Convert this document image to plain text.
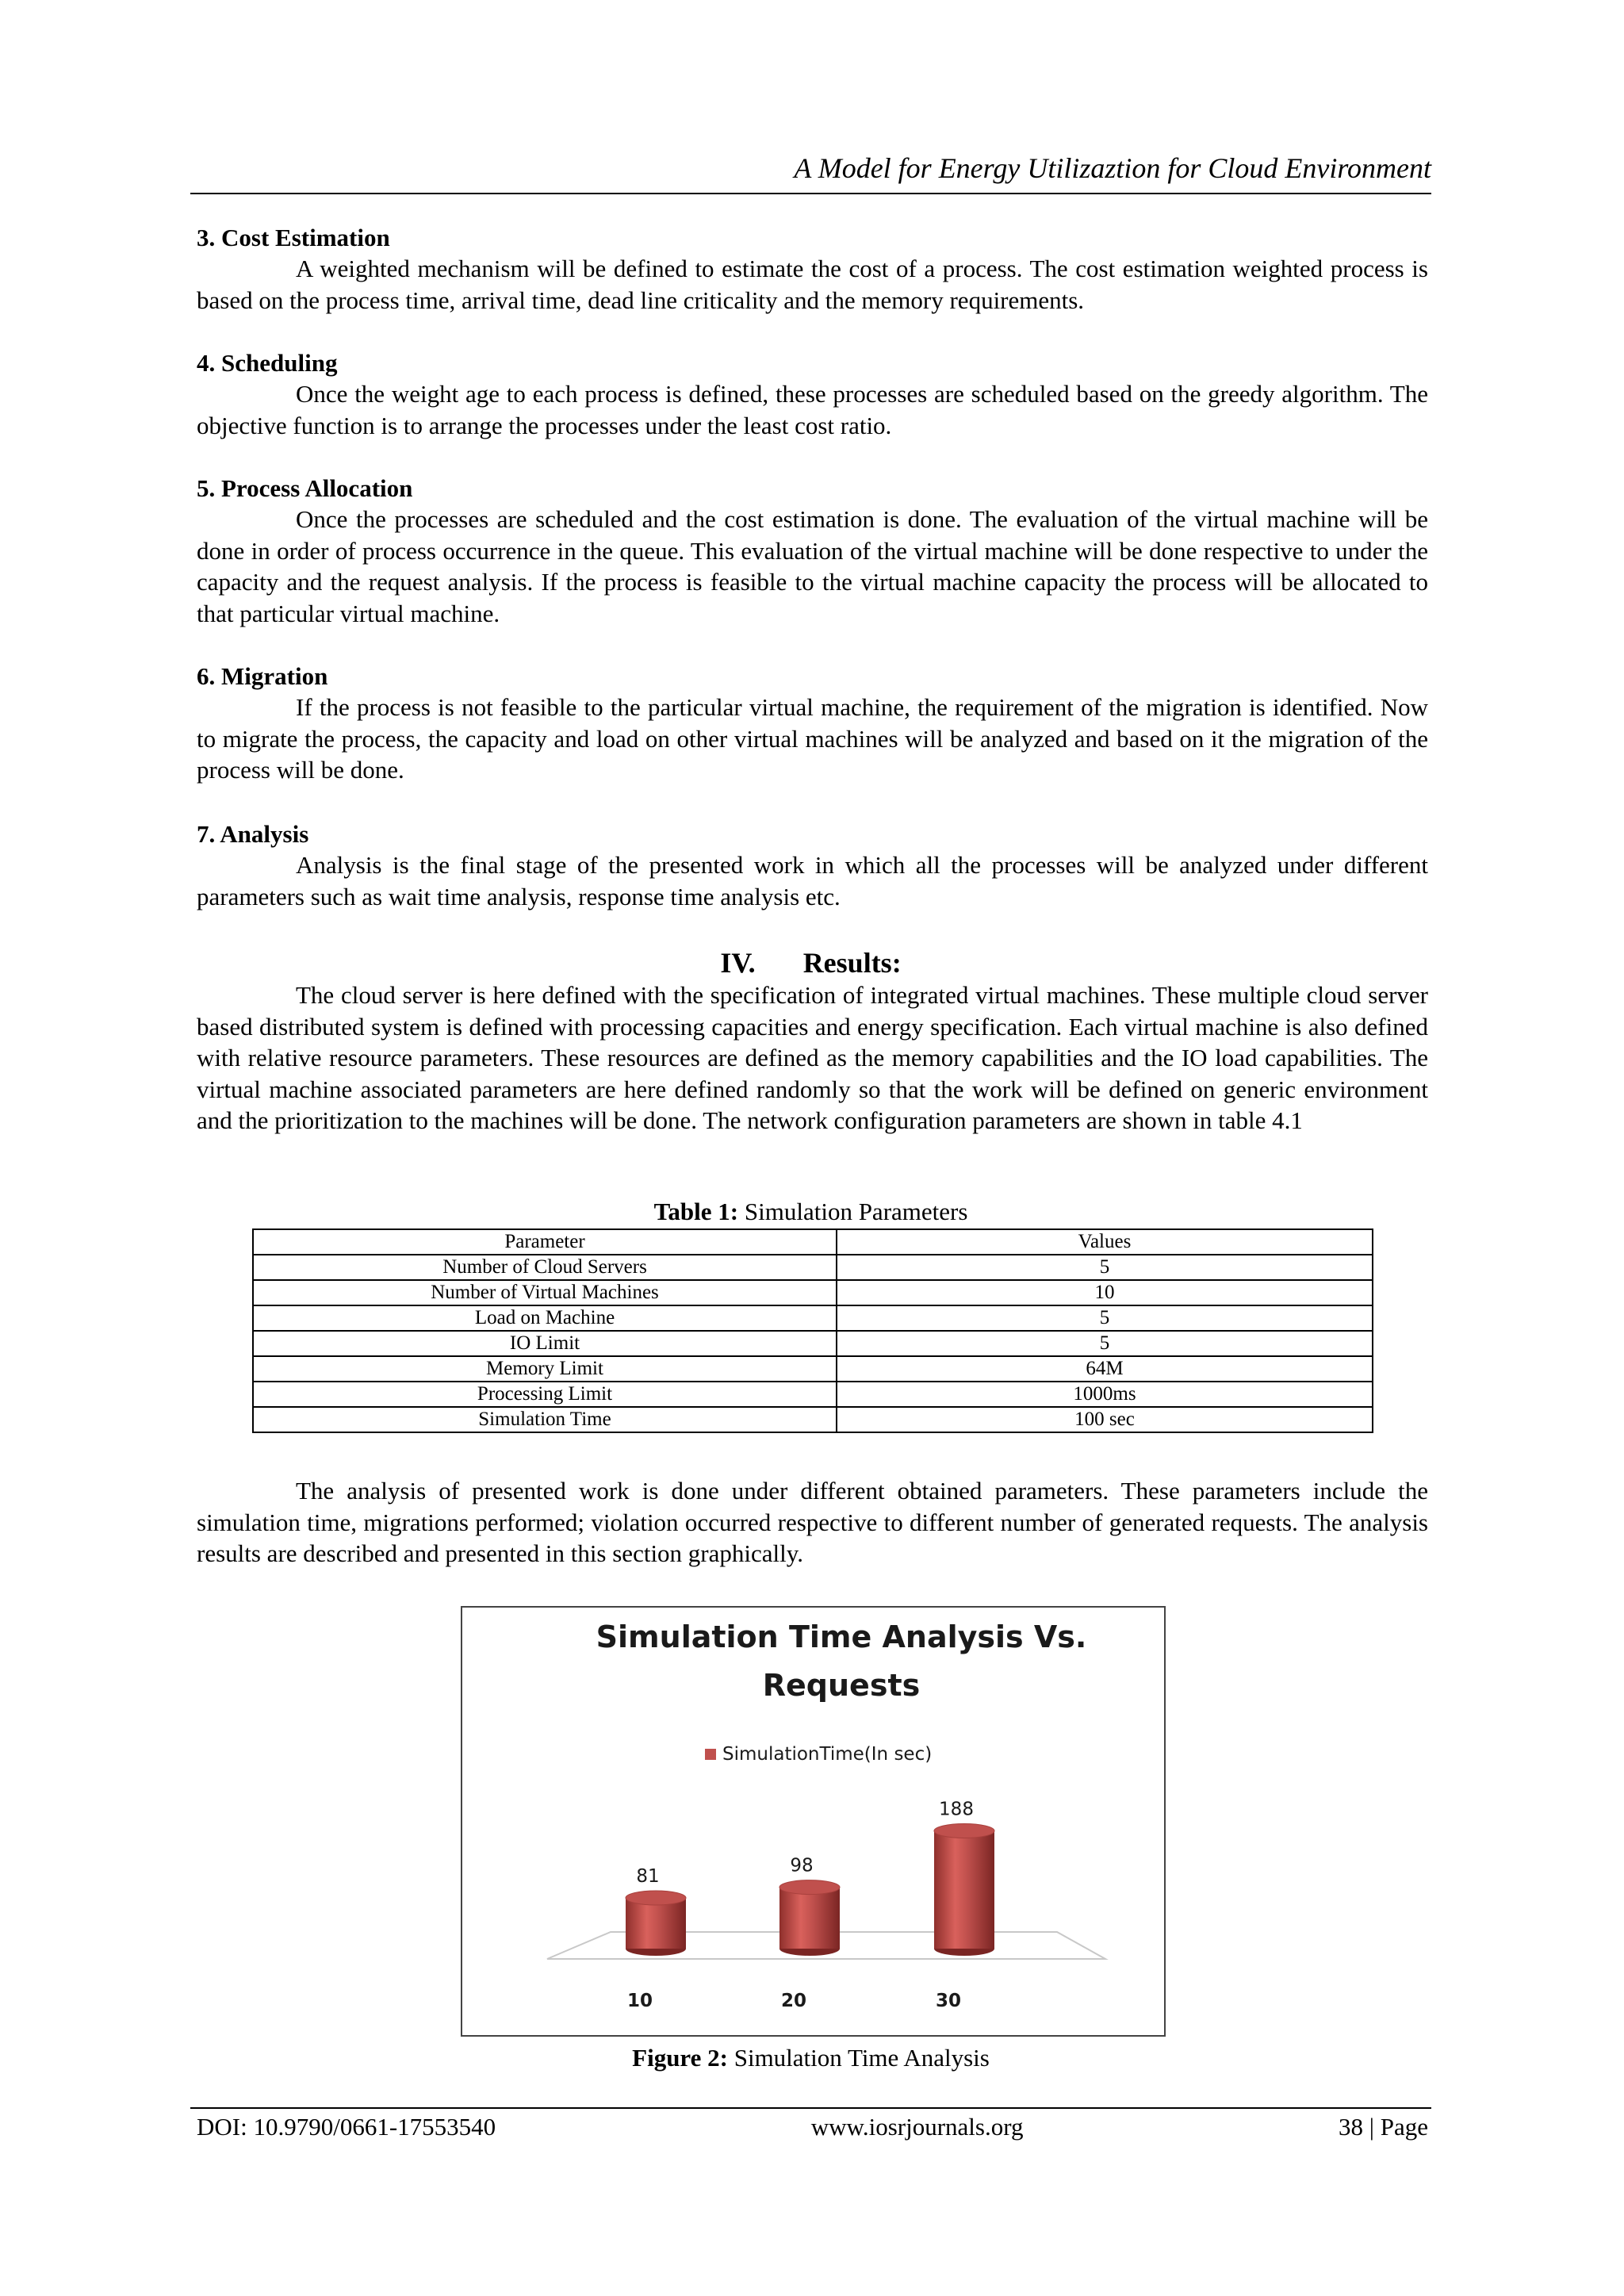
A Model for Energy Utilizaztion for Cloud Environment
3. Cost Estimation
A weighted mechanism will be defined to estimate the cost of a process. The cost estimation weighted process is based on the process time, arrival time, dead line criticality and the memory requirements.
4. Scheduling
Once the weight age to each process is defined, these processes are scheduled based on the greedy algorithm. The objective function is to arrange the processes under the least cost ratio.
5. Process Allocation
Once the processes are scheduled and the cost estimation is done. The evaluation of the virtual machine will be done in order of process occurrence in the queue. This evaluation of the virtual machine will be done respective to under the capacity and the request analysis. If the process is feasible to the virtual machine capacity the process will be allocated to that particular virtual machine.
6. Migration
If the process is not feasible to the particular virtual machine, the requirement of the migration is identified. Now to migrate the process, the capacity and load on other virtual machines will be analyzed and based on it the migration of the process will be done.
7. Analysis
Analysis is the final stage of the presented work in which all the processes will be analyzed under different parameters such as wait time analysis, response time analysis etc.
IV. Results:
The cloud server is here defined with the specification of integrated virtual machines. These multiple cloud server based distributed system is defined with processing capacities and energy specification. Each virtual machine is also defined with relative resource parameters. These resources are defined as the memory capabilities and the IO load capabilities. The virtual machine associated parameters are here defined randomly so that the work will be defined on generic environment and the prioritization to the machines will be done. The network configuration parameters are shown in table 4.1
Table 1: Simulation Parameters
Parameter	Values
Number of Cloud Servers	5
Number of Virtual Machines	10
Load on Machine	5
IO Limit	5
Memory Limit	64M
Processing Limit	1000ms
Simulation Time	100 sec
The analysis of presented work is done under different obtained parameters. These parameters include the simulation time, migrations performed; violation occurred respective to different number of generated requests. The analysis results are described and presented in this section graphically.
Simulation Time Analysis Vs.
Requests
SimulationTime(In sec)
81
10
98
20
188
30
Figure 2: Simulation Time Analysis
DOI: 10.9790/0661-17553540	www.iosrjournals.org	38 | Page
